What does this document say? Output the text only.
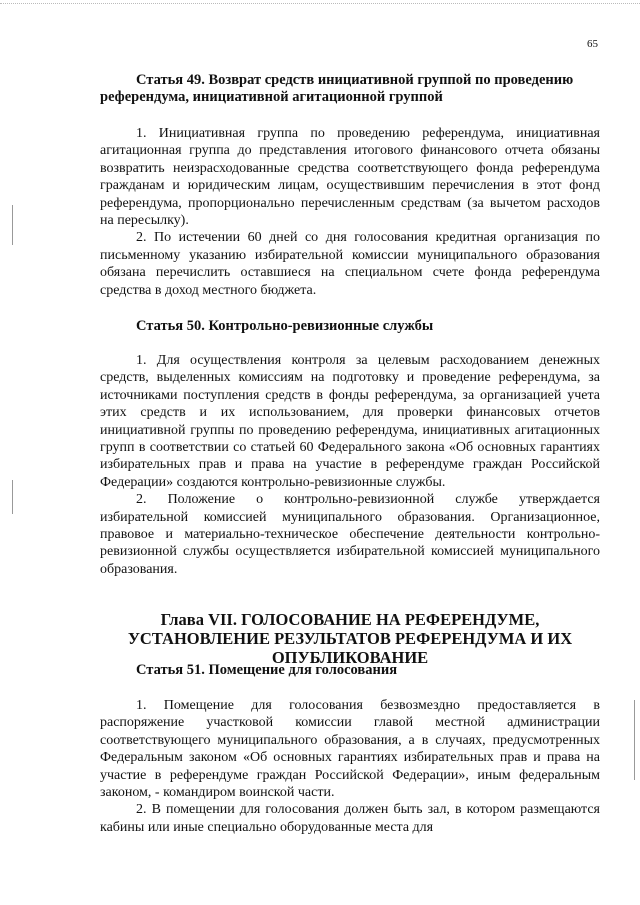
65

Статья 49. Возврат средств инициативной группой по проведению референдума, инициативной агитационной группой

1. Инициативная группа по проведению референдума, инициативная агитационная группа до представления итогового финансового отчета обязаны возвратить неизрасходованные средства соответствующего фонда референдума гражданам и юридическим лицам, осуществившим перечисления в этот фонд референдума, пропорционально перечисленным средствам (за вычетом расходов на пересылку).

2. По истечении 60 дней со дня голосования кредитная организация по письменному указанию избирательной комиссии муниципального образования обязана перечислить оставшиеся на специальном счете фонда референдума средства в доход местного бюджета.

Статья 50. Контрольно-ревизионные службы

1. Для осуществления контроля за целевым расходованием денежных средств, выделенных комиссиям на подготовку и проведение референдума, за источниками поступления средств в фонды референдума, за организацией учета этих средств и их использованием, для проверки финансовых отчетов инициативной группы по проведению референдума, инициативных агитационных групп в соответствии со статьей 60 Федерального закона «Об основных гарантиях избирательных прав и права на участие в референдуме граждан Российской Федерации» создаются контрольно-ревизионные службы.

2. Положение о контрольно-ревизионной службе утверждается избирательной комиссией муниципального образования. Организационное, правовое и материально-техническое обеспечение деятельности контрольно-ревизионной службы осуществляется избирательной комиссией муниципального образования.

Глава VII. ГОЛОСОВАНИЕ НА РЕФЕРЕНДУМЕ, УСТАНОВЛЕНИЕ РЕЗУЛЬТАТОВ РЕФЕРЕНДУМА И ИХ ОПУБЛИКОВАНИЕ

Статья 51. Помещение для голосования

1. Помещение для голосования безвозмездно предоставляется в распоряжение участковой комиссии главой местной администрации соответствующего муниципального образования, а в случаях, предусмотренных Федеральным законом «Об основных гарантиях избирательных прав и права на участие в референдуме граждан Российской Федерации», иным федеральным законом, - командиром воинской части.

2. В помещении для голосования должен быть зал, в котором размещаются кабины или иные специально оборудованные места для
